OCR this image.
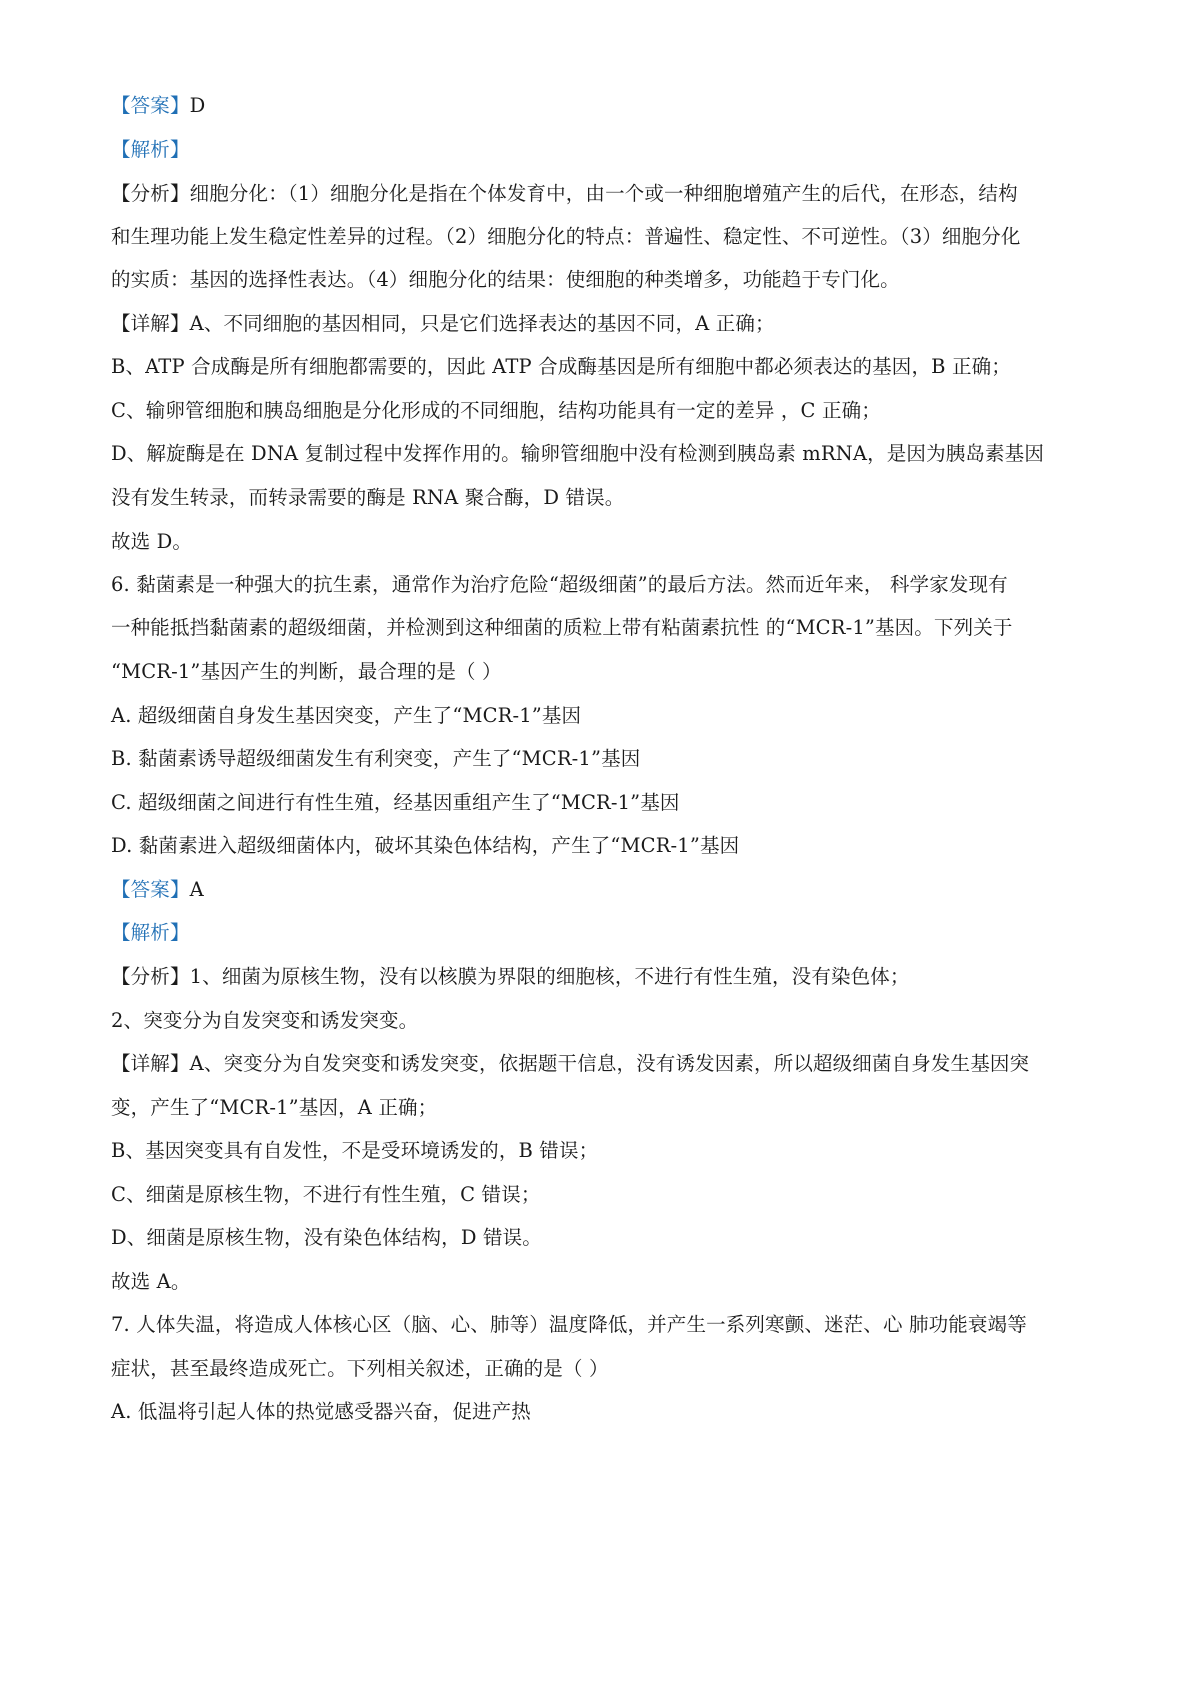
【答案】D
【解析】
【分析】细胞分化：（1）细胞分化是指在个体发育中，由一个或一种细胞增殖产生的后代，在形态，结构
和生理功能上发生稳定性差异的过程。（2）细胞分化的特点：普遍性、稳定性、不可逆性。（3）细胞分化
的实质：基因的选择性表达。（4）细胞分化的结果：使细胞的种类增多，功能趋于专门化。
【详解】A、不同细胞的基因相同，只是它们选择表达的基因不同，A 正确；
B、ATP 合成酶是所有细胞都需要的，因此 ATP 合成酶基因是所有细胞中都必须表达的基因，B 正确；
C、输卵管细胞和胰岛细胞是分化形成的不同细胞，结构功能具有一定的差异 ，C 正确；
D、解旋酶是在 DNA 复制过程中发挥作用的。输卵管细胞中没有检测到胰岛素 mRNA，是因为胰岛素基因
没有发生转录，而转录需要的酶是 RNA 聚合酶，D 错误。
故选 D。
6. 黏菌素是一种强大的抗生素，通常作为治疗危险“超级细菌”的最后方法。然而近年来， 科学家发现有
一种能抵挡黏菌素的超级细菌，并检测到这种细菌的质粒上带有粘菌素抗性 的“MCR-1”基因。下列关于
“MCR-1”基因产生的判断，最合理的是（ ）
A. 超级细菌自身发生基因突变，产生了“MCR-1”基因
B. 黏菌素诱导超级细菌发生有利突变，产生了“MCR-1”基因
C. 超级细菌之间进行有性生殖，经基因重组产生了“MCR-1”基因
D. 黏菌素进入超级细菌体内，破坏其染色体结构，产生了“MCR-1”基因
【答案】A
【解析】
【分析】1、细菌为原核生物，没有以核膜为界限的细胞核，不进行有性生殖，没有染色体；
2、突变分为自发突变和诱发突变。
【详解】A、突变分为自发突变和诱发突变，依据题干信息，没有诱发因素，所以超级细菌自身发生基因突
变，产生了“MCR-1”基因，A 正确；
B、基因突变具有自发性，不是受环境诱发的，B 错误；
C、细菌是原核生物，不进行有性生殖，C 错误；
D、细菌是原核生物，没有染色体结构，D 错误。
故选 A。
7. 人体失温，将造成人体核心区（脑、心、肺等）温度降低，并产生一系列寒颤、迷茫、心 肺功能衰竭等
症状，甚至最终造成死亡。下列相关叙述，正确的是（ ）
A. 低温将引起人体的热觉感受器兴奋，促进产热
